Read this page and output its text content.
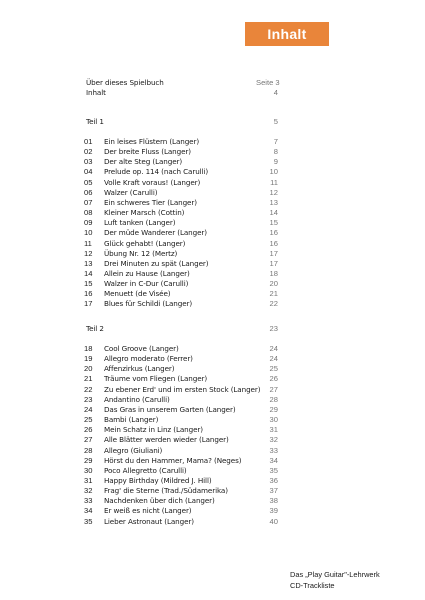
Inhalt
Über dieses Spielbuch	Seite 3
Inhalt	4
Teil 1	5
01	Ein leises Flüstern (Langer)	7
02	Der breite Fluss (Langer)	8
03	Der alte Steg (Langer)	9
04	Prelude op. 114 (nach Carulli)	10
05	Volle Kraft voraus! (Langer)	11
06	Walzer (Carulli)	12
07	Ein schweres Tier (Langer)	13
08	Kleiner Marsch (Cottin)	14
09	Luft tanken (Langer)	15
10	Der müde Wanderer (Langer)	16
11	Glück gehabt! (Langer)	16
12	Übung Nr. 12 (Mertz)	17
13	Drei Minuten zu spät (Langer)	17
14	Allein zu Hause (Langer)	18
15	Walzer in C-Dur (Carulli)	20
16	Menuett (de Visée)	21
17	Blues für Schildi (Langer)	22
Teil 2	23
18	Cool Groove (Langer)	24
19	Allegro moderato (Ferrer)	24
20	Affenzirkus (Langer)	25
21	Träume vom Fliegen (Langer)	26
22	Zu ebener Erd' und im ersten Stock (Langer)	27
23	Andantino (Carulli)	28
24	Das Gras in unserem Garten (Langer)	29
25	Bambi (Langer)	30
26	Mein Schatz in Linz (Langer)	31
27	Alle Blätter werden wieder (Langer)	32
28	Allegro (Giuliani)	33
29	Hörst du den Hammer, Mama? (Neges)	34
30	Poco Allegretto (Carulli)	35
31	Happy Birthday (Mildred J. Hill)	36
32	Frag' die Sterne (Trad./Südamerika)	37
33	Nachdenken über dich (Langer)	38
34	Er weiß es nicht (Langer)	39
35	Lieber Astronaut (Langer)	40
Das „Play Guitar"-Lehrwerk
CD-Trackliste
